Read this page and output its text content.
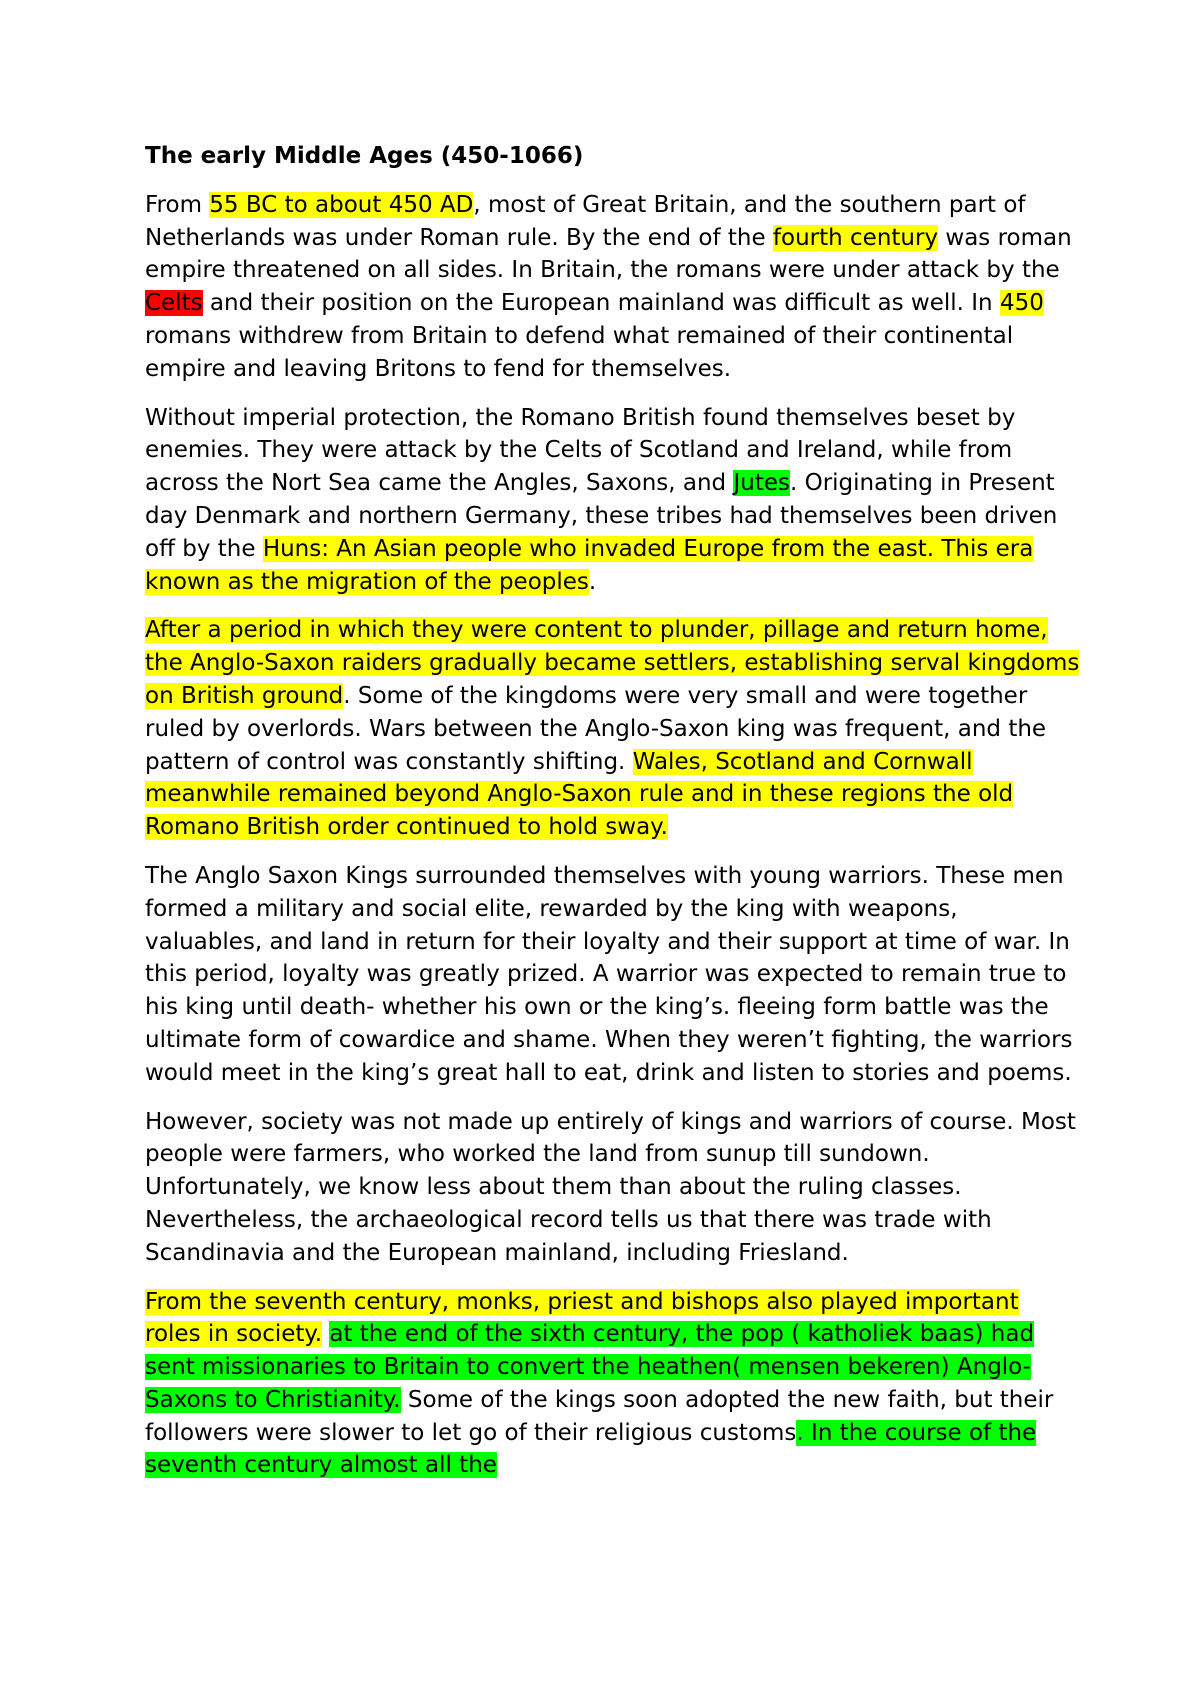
The early Middle Ages (450-1066)

From 55 BC to about 450 AD, most of Great Britain, and the southern part of Netherlands was under Roman rule. By the end of the fourth century was roman empire threatened on all sides. In Britain, the romans were under attack by the Celts and their position on the European mainland was difficult as well. In 450 romans withdrew from Britain to defend what remained of their continental empire and leaving Britons to fend for themselves.

Without imperial protection, the Romano British found themselves beset by enemies. They were attack by the Celts of Scotland and Ireland, while from across the Nort Sea came the Angles, Saxons, and Jutes. Originating in Present day Denmark and northern Germany, these tribes had themselves been driven off by the Huns: An Asian people who invaded Europe from the east. This era known as the migration of the peoples.

After a period in which they were content to plunder, pillage and return home, the Anglo-Saxon raiders gradually became settlers, establishing serval kingdoms on British ground. Some of the kingdoms were very small and were together ruled by overlords. Wars between the Anglo-Saxon king was frequent, and the pattern of control was constantly shifting. Wales, Scotland and Cornwall meanwhile remained beyond Anglo-Saxon rule and in these regions the old Romano British order continued to hold sway.

The Anglo Saxon Kings surrounded themselves with young warriors. These men formed a military and social elite, rewarded by the king with weapons, valuables, and land in return for their loyalty and their support at time of war. In this period, loyalty was greatly prized. A warrior was expected to remain true to his king until death- whether his own or the king’s. fleeing form battle was the ultimate form of cowardice and shame. When they weren’t fighting, the warriors would meet in the king’s great hall to eat, drink and listen to stories and poems.

However, society was not made up entirely of kings and warriors of course. Most people were farmers, who worked the land from sunup till sundown. Unfortunately, we know less about them than about the ruling classes. Nevertheless, the archaeological record tells us that there was trade with Scandinavia and the European mainland, including Friesland.

From the seventh century, monks, priest and bishops also played important roles in society. at the end of the sixth century, the pop ( katholiek baas) had sent missionaries to Britain to convert the heathen( mensen bekeren) Anglo-Saxons to Christianity. Some of the kings soon adopted the new faith, but their followers were slower to let go of their religious customs. In the course of the seventh century almost all the
